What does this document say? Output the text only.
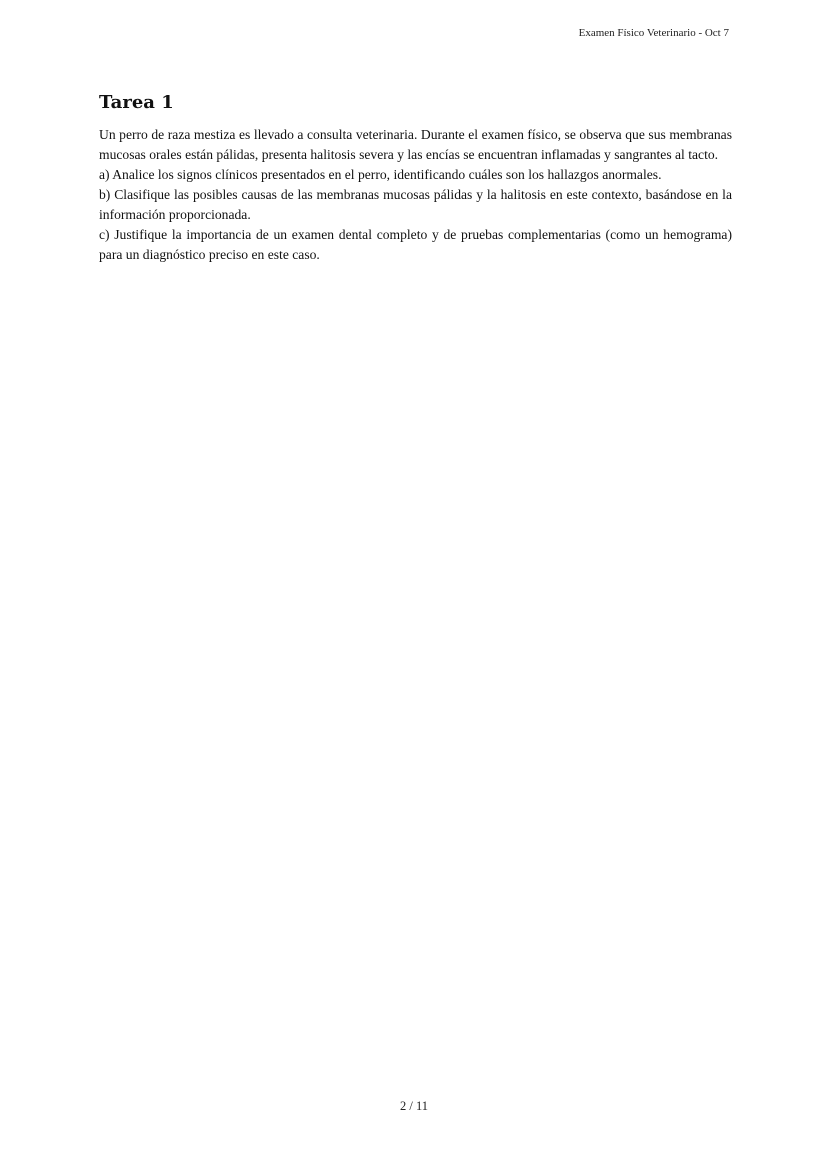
Examen Físico Veterinario - Oct 7
Tarea 1

Un perro de raza mestiza es llevado a consulta veterinaria. Durante el examen físico, se observa que sus membranas mucosas orales están pálidas, presenta halitosis severa y las encías se encuentran inflamadas y sangrantes al tacto.

a) Analice los signos clínicos presentados en el perro, identificando cuáles son los hallazgos anormales.

b) Clasifique las posibles causas de las membranas mucosas pálidas y la halitosis en este contexto, basándose en la información proporcionada.

c) Justifique la importancia de un examen dental completo y de pruebas complementarias (como un hemograma) para un diagnóstico preciso en este caso.

2 / 11
